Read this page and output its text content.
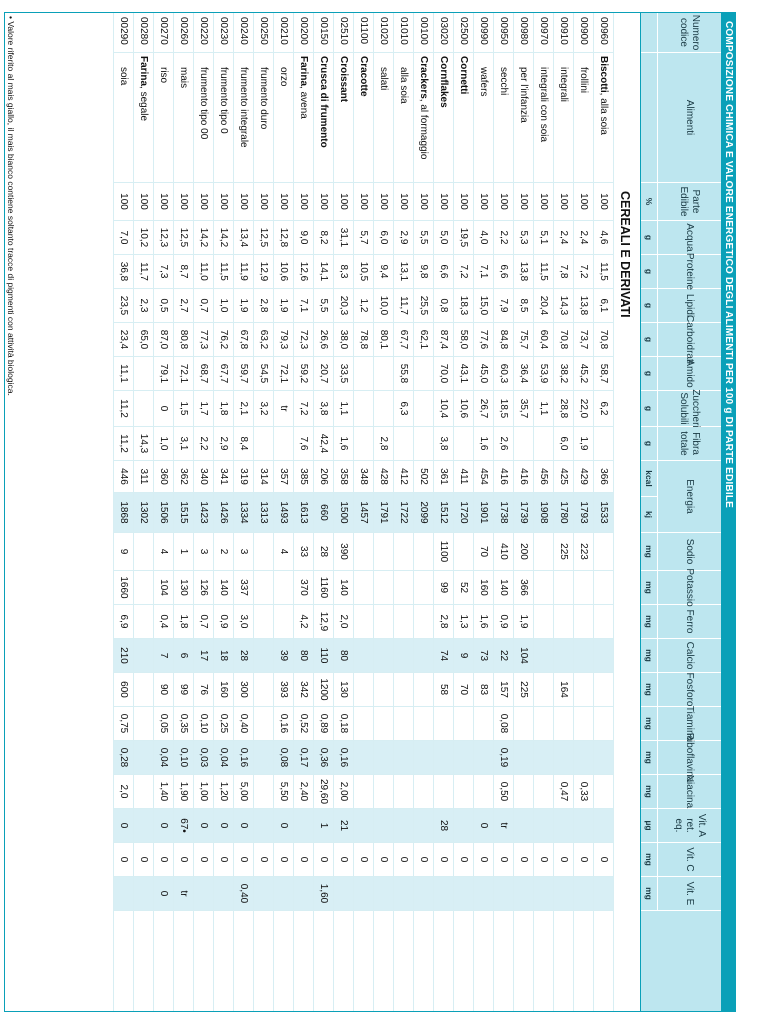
COMPOSIZIONE CHIMICA E VALORE ENERGETICO DEGLI ALIMENTI PER 100 g DI PARTE EDIBILE
Numero codice
Alimenti
Parte Edibile
%
Acqua
g
Proteine
g
Lipidi
g
Carboidrati
g
Amido
g
Zuccheri Solubili
g
Fibra totale
g
Energia
kcal
kj
Sodio
mg
Potassio
mg
Ferro
mg
Calcio
mg
Fosforo
mg
Tiamina
mg
Riboflavina
mg
Niacina
mg
Vit. A ret. eq.
µg
Vit. C
mg
Vit. E
mg
CEREALI E DERIVATI
00960
Biscotti, alla soia
100
4,6
11,5
6,1
70,8
58,7
6,2
366
1533
0
00900
frollini
100
2,4
7,2
13,8
73,7
45,2
22,0
1,9
429
1793
223
0,33
0
00910
integrali
100
2,4
7,8
14,3
70,8
38,2
28,8
6,0
425
1780
225
164
0,47
0
00970
integrali con soia
100
5,1
11,5
20,4
60,4
53,9
1,1
456
1908
0
00980
per l'infanzia
100
5,3
13,8
8,5
75,7
36,4
35,7
416
1739
200
366
1,9
104
225
0
00950
secchi
100
2,2
6,6
7,9
84,8
60,3
18,5
2,6
416
1738
410
140
0,9
22
157
0,08
0,19
0,50
tr
0
00990
wafers
100
4,0
7,1
15,0
77,6
45,0
26,7
1,6
454
1901
70
160
1,6
73
83
0
0
02500
Cornetti
100
19,5
7,2
18,3
58,0
43,1
10,6
411
1720
52
1,3
9
70
0
03020
Cornflakes
100
5,0
6,6
0,8
87,4
70,0
10,4
3,8
361
1512
1100
99
2,8
74
58
28
0
00100
Crackers, al formaggio
100
5,5
9,8
25,5
62,1
502
2099
0
01010
alla soia
100
2,9
13,1
11,7
67,7
55,8
6,3
412
1722
0
01020
salati
100
6,0
9,4
10,0
80,1
2,8
428
1791
0
01100
Cracotte
100
5,7
10,5
1,2
78,8
348
1457
0
02510
Croissant
100
31,1
8,3
20,3
38,0
33,5
1,1
1,6
358
1500
390
140
2,0
80
130
0,18
0,16
2,00
21
0
00150
Crusca di frumento
100
8,2
14,1
5,5
26,6
20,7
3,8
42,4
206
660
28
1160
12,9
110
1200
0,89
0,36
29,60
1
0
1,60
00200
Farina, avena
100
9,0
12,6
7,1
72,3
59,2
7,2
7,6
385
1613
33
370
4,2
80
342
0,52
0,17
2,40
0
00210
orzo
100
12,8
10,6
1,9
79,3
72,1
tr
357
1493
4
39
393
0,16
0,08
5,50
0
0
00250
frumento duro
100
12,5
12,9
2,8
63,2
54,5
3,2
314
1313
0
00240
frumento integrale
100
13,4
11,9
1,9
67,8
59,7
2,1
8,4
319
1334
3
337
3,0
28
300
0,40
0,16
5,00
0
0
0,40
00230
frumento tipo 0
100
14,2
11,5
1,0
76,2
67,7
1,8
2,9
341
1426
2
140
0,9
18
160
0,25
0,04
1,20
0
0
00220
frumento tipo 00
100
14,2
11,0
0,7
77,3
68,7
1,7
2,2
340
1423
3
126
0,7
17
76
0,10
0,03
1,00
0
0
00260
mais
100
12,5
8,7
2,7
80,8
72,1
1,5
3,1
362
1515
1
130
1,8
6
99
0,35
0,10
1,90
67•
0
tr
00270
riso
100
12,3
7,3
0,5
87,0
79,1
0
1,0
360
1506
4
104
0,4
7
90
0,05
0,04
1,40
0
0
0
00280
Farina, segale
100
10,2
11,7
2,3
65,0
14,3
311
1302
0
00290
soia
100
7,0
36,8
23,5
23,4
11,1
11,2
11,2
446
1868
9
1660
6,9
210
600
0,75
0,28
2,0
0
0
• Valore riferito al mais giallo, il mais bianco contiene soltanto tracce di pigmenti con attività biologica.
